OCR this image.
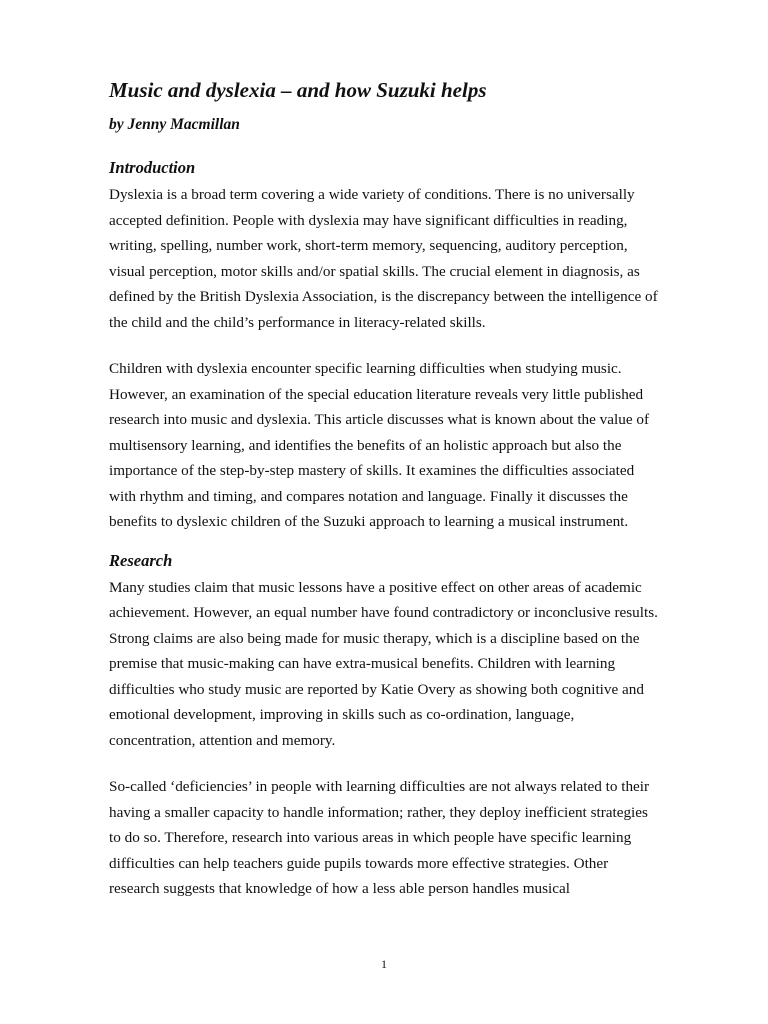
Music and dyslexia – and how Suzuki helps

by Jenny Macmillan

Introduction

Dyslexia is a broad term covering a wide variety of conditions. There is no universally accepted definition. People with dyslexia may have significant difficulties in reading, writing, spelling, number work, short-term memory, sequencing, auditory perception, visual perception, motor skills and/or spatial skills. The crucial element in diagnosis, as defined by the British Dyslexia Association, is the discrepancy between the intelligence of the child and the child’s performance in literacy-related skills.

Children with dyslexia encounter specific learning difficulties when studying music. However, an examination of the special education literature reveals very little published research into music and dyslexia. This article discusses what is known about the value of multisensory learning, and identifies the benefits of an holistic approach but also the importance of the step-by-step mastery of skills. It examines the difficulties associated with rhythm and timing, and compares notation and language. Finally it discusses the benefits to dyslexic children of the Suzuki approach to learning a musical instrument.

Research

Many studies claim that music lessons have a positive effect on other areas of academic achievement. However, an equal number have found contradictory or inconclusive results. Strong claims are also being made for music therapy, which is a discipline based on the premise that music-making can have extra-musical benefits. Children with learning difficulties who study music are reported by Katie Overy as showing both cognitive and emotional development, improving in skills such as co-ordination, language, concentration, attention and memory.

So-called ‘deficiencies’ in people with learning difficulties are not always related to their having a smaller capacity to handle information; rather, they deploy inefficient strategies to do so. Therefore, research into various areas in which people have specific learning difficulties can help teachers guide pupils towards more effective strategies. Other research suggests that knowledge of how a less able person handles musical

1
